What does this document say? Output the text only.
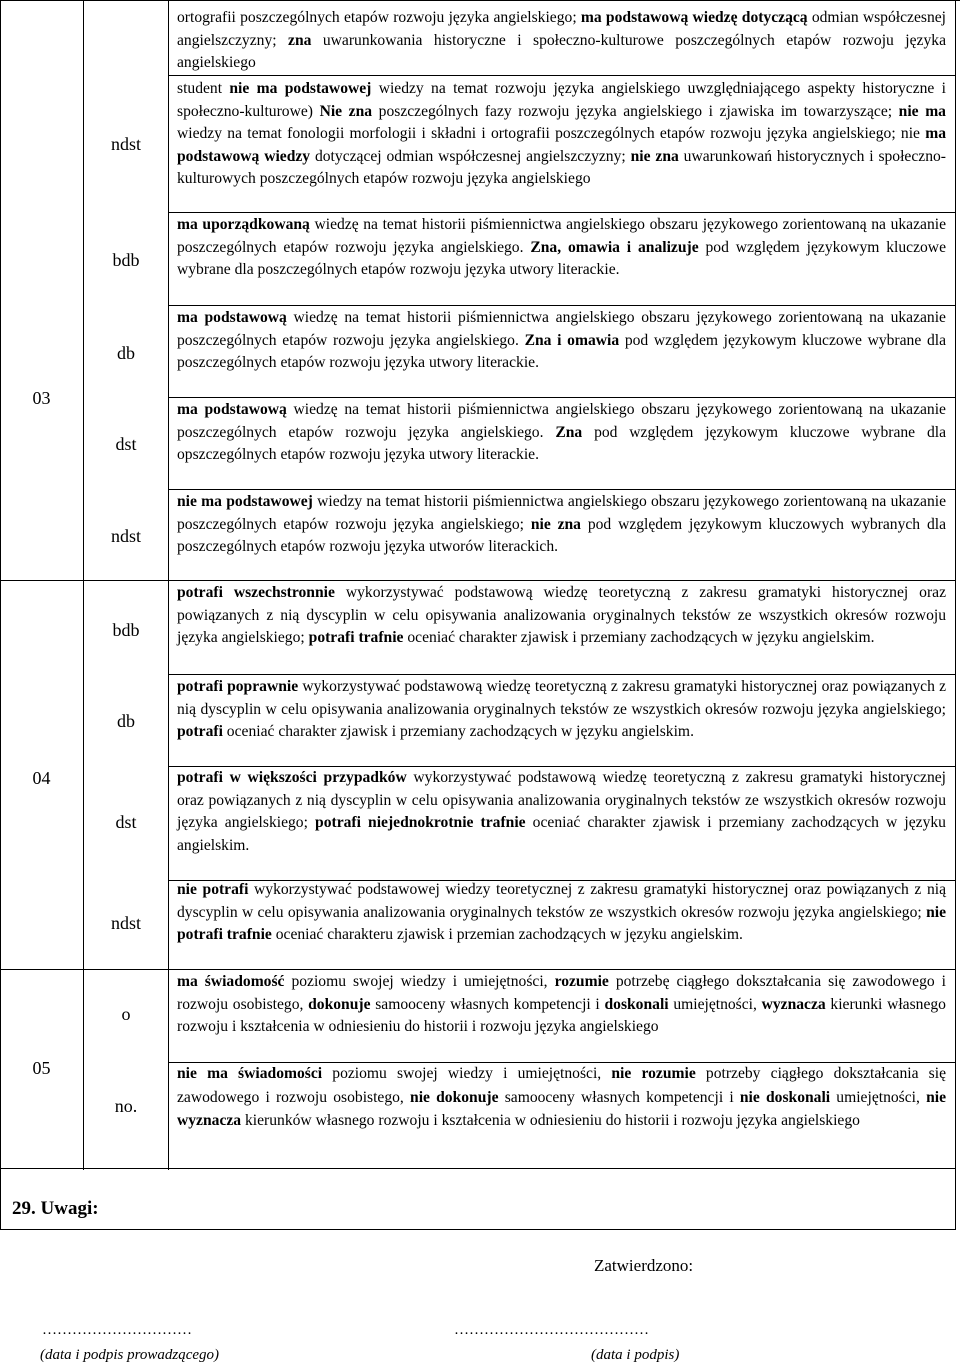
03
04
05
ndst
bdb
db
dst
ndst
bdb
db
dst
ndst
o
no.
ortografii poszczególnych etapów rozwoju języka angielskiego; ma podstawową wiedzę dotyczącą odmian współczesnej angielszczyzny; zna uwarunkowania historyczne i społeczno-kulturowe poszczególnych etapów rozwoju języka angielskiego
student nie ma podstawowej wiedzy na temat rozwoju języka angielskiego uwzględniającego aspekty historyczne i społeczno-kulturowe) Nie zna poszczególnych fazy rozwoju języka angielskiego i zjawiska im towarzyszące; nie ma wiedzy na temat fonologii morfologii i składni i ortografii poszczególnych etapów rozwoju języka angielskiego; nie ma podstawową wiedzy dotyczącej odmian współczesnej angielszczyzny; nie zna uwarunkowań historycznych i społeczno-kulturowych poszczególnych etapów rozwoju języka angielskiego
ma uporządkowaną wiedzę na temat historii piśmiennictwa angielskiego obszaru językowego zorientowaną na ukazanie poszczególnych etapów rozwoju języka angielskiego. Zna, omawia i analizuje pod względem językowym kluczowe wybrane dla poszczególnych etapów rozwoju języka utwory literackie.
ma podstawową wiedzę na temat historii piśmiennictwa angielskiego obszaru językowego zorientowaną na ukazanie poszczególnych etapów rozwoju języka angielskiego. Zna i omawia pod względem językowym kluczowe wybrane dla poszczególnych etapów rozwoju języka utwory literackie.
ma podstawową wiedzę na temat historii piśmiennictwa angielskiego obszaru językowego zorientowaną na ukazanie poszczególnych etapów rozwoju języka angielskiego. Zna pod względem językowym kluczowe wybrane dla opszczególnych etapów rozwoju języka utwory literackie.
nie ma podstawowej wiedzy na temat historii piśmiennictwa angielskiego obszaru językowego zorientowaną na ukazanie poszczególnych etapów rozwoju języka angielskiego; nie zna pod względem językowym kluczowych wybranych dla poszczególnych etapów rozwoju języka utworów literackich.
potrafi wszechstronnie wykorzystywać podstawową wiedzę teoretyczną z zakresu gramatyki historycznej oraz powiązanych z nią dyscyplin w celu opisywania analizowania oryginalnych tekstów ze wszystkich okresów rozwoju języka angielskiego; potrafi trafnie oceniać charakter zjawisk i przemiany zachodzących w języku angielskim.
potrafi poprawnie wykorzystywać podstawową wiedzę teoretyczną z zakresu gramatyki historycznej oraz powiązanych z nią dyscyplin w celu opisywania analizowania oryginalnych tekstów ze wszystkich okresów rozwoju języka angielskiego; potrafi oceniać charakter zjawisk i przemiany zachodzących w języku angielskim.
potrafi w większości przypadków wykorzystywać podstawową wiedzę teoretyczną z zakresu gramatyki historycznej oraz powiązanych z nią dyscyplin w celu opisywania analizowania oryginalnych tekstów ze wszystkich okresów rozwoju języka angielskiego; potrafi niejednokrotnie trafnie oceniać charakter zjawisk i przemiany zachodzących w języku angielskim.
nie potrafi wykorzystywać podstawowej wiedzy teoretycznej z zakresu gramatyki historycznej oraz powiązanych z nią dyscyplin w celu opisywania analizowania oryginalnych tekstów ze wszystkich okresów rozwoju języka angielskiego; nie potrafi trafnie oceniać charakteru zjawisk i przemian zachodzących w języku angielskim.
ma świadomość poziomu swojej wiedzy i umiejętności, rozumie potrzebę ciągłego dokształcania się zawodowego i rozwoju osobistego, dokonuje samooceny własnych kompetencji i doskonali umiejętności, wyznacza kierunki własnego rozwoju i kształcenia w odniesieniu do historii i rozwoju języka angielskiego
nie ma świadomości poziomu swojej wiedzy i umiejętności, nie rozumie potrzeby ciągłego dokształcania się zawodowego i rozwoju osobistego, nie dokonuje samooceny własnych kompetencji i nie doskonali umiejętności, nie wyznacza kierunków własnego rozwoju i kształcenia w odniesieniu do historii i rozwoju języka angielskiego
29. Uwagi:
Zatwierdzono:
…………………………	…………………………………
(data i podpis prowadzącego)	(data i podpis)
